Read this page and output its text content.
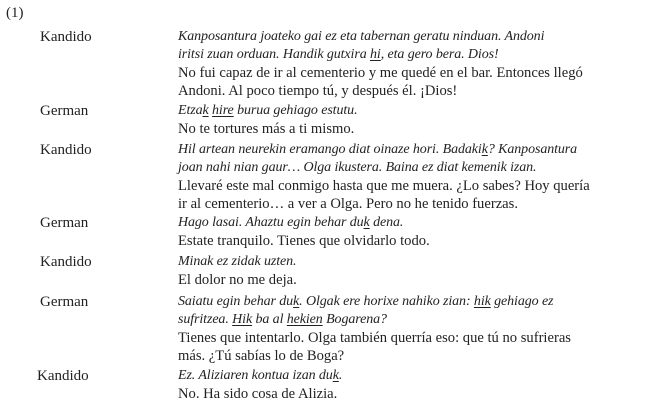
(1)
Kandido	Kanposantura joateko gai ez eta tabernan geratu ninduan. Andoni
iritsi zuan orduan. Handik gutxira hi, eta gero bera. Dios!
No fui capaz de ir al cementerio y me quedé en el bar. Entonces llegó
Andoni. Al poco tiempo tú, y después él. ¡Dios!
German	Etzak hire burua gehiago estutu.
No te tortures más a ti mismo.
Kandido	Hil artean neurekin eramango diat oinaze hori. Badakik? Kanposantura
joan nahi nian gaur… Olga ikustera. Baina ez diat kemenik izan.
Llevaré este mal conmigo hasta que me muera. ¿Lo sabes? Hoy quería
ir al cementerio… a ver a Olga. Pero no he tenido fuerzas.
German	Hago lasai. Ahaztu egin behar duk dena.
Estate tranquilo. Tienes que olvidarlo todo.
Kandido	Minak ez zidak uzten.
El dolor no me deja.
German	Saiatu egin behar duk. Olgak ere horixe nahiko zian: hik gehiago ez
sufritzea. Hik ba al hekien Bogarena?
Tienes que intentarlo. Olga también querría eso: que tú no sufrieras
más. ¿Tú sabías lo de Boga?
Kandido	Ez. Aliziaren kontua izan duk.
No. Ha sido cosa de Alizia.
